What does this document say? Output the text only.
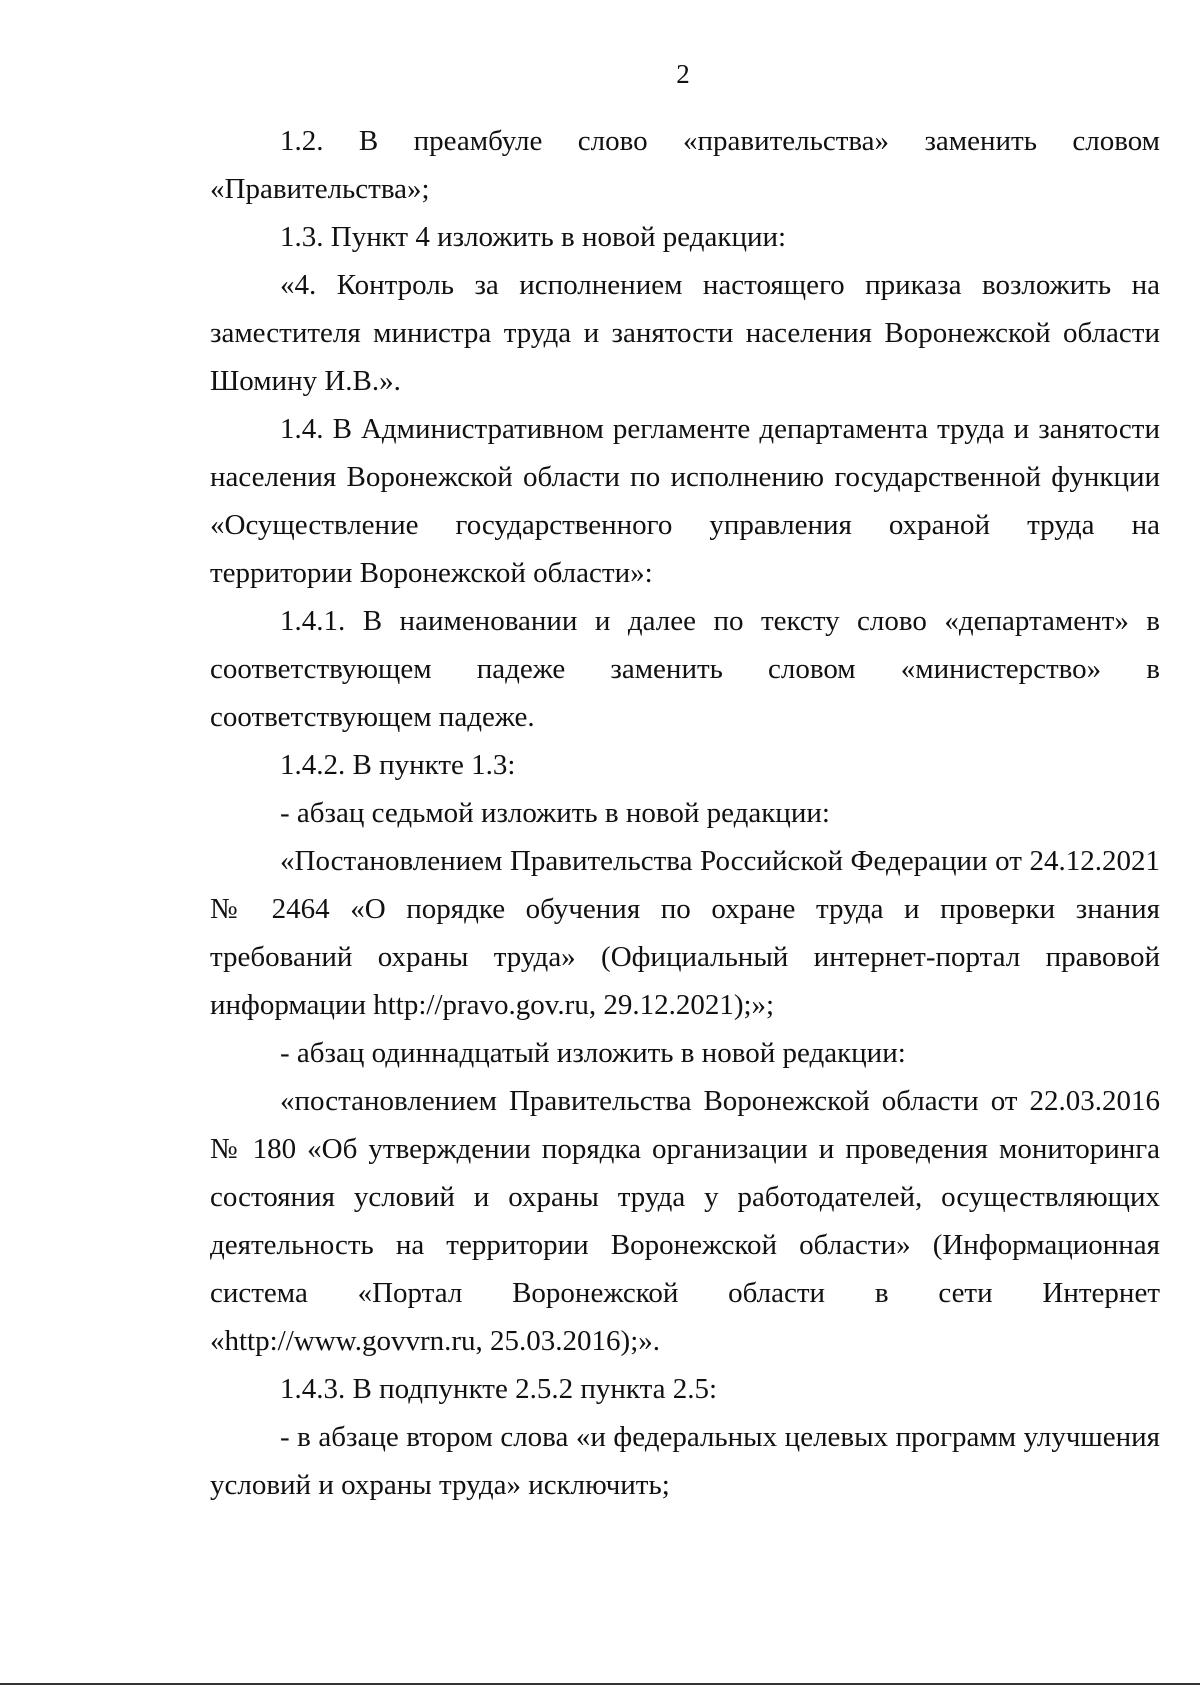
2

1.2. В преамбуле слово «правительства» заменить словом «Правительства»;

1.3. Пункт 4 изложить в новой редакции:

«4. Контроль за исполнением настоящего приказа возложить на заместителя министра труда и занятости населения Воронежской области Шомину И.В.».

1.4. В Административном регламенте департамента труда и занятости населения Воронежской области по исполнению государственной функции «Осуществление государственного управления охраной труда на территории Воронежской области»:

1.4.1. В наименовании и далее по тексту слово «департамент» в соответствующем падеже заменить словом «министерство» в соответствующем падеже.

1.4.2. В пункте 1.3:

- абзац седьмой изложить в новой редакции:

«Постановлением Правительства Российской Федерации от 24.12.2021 № 2464 «О порядке обучения по охране труда и проверки знания требований охраны труда» (Официальный интернет-портал правовой информации http://pravo.gov.ru, 29.12.2021);»;

- абзац одиннадцатый изложить в новой редакции:

«постановлением Правительства Воронежской области от 22.03.2016 № 180 «Об утверждении порядка организации и проведения мониторинга состояния условий и охраны труда у работодателей, осуществляющих деятельность на территории Воронежской области» (Информационная система «Портал Воронежской области в сети Интернет «http://www.govvrn.ru, 25.03.2016);».

1.4.3. В подпункте 2.5.2 пункта 2.5:

- в абзаце втором слова «и федеральных целевых программ улучшения условий и охраны труда» исключить;
